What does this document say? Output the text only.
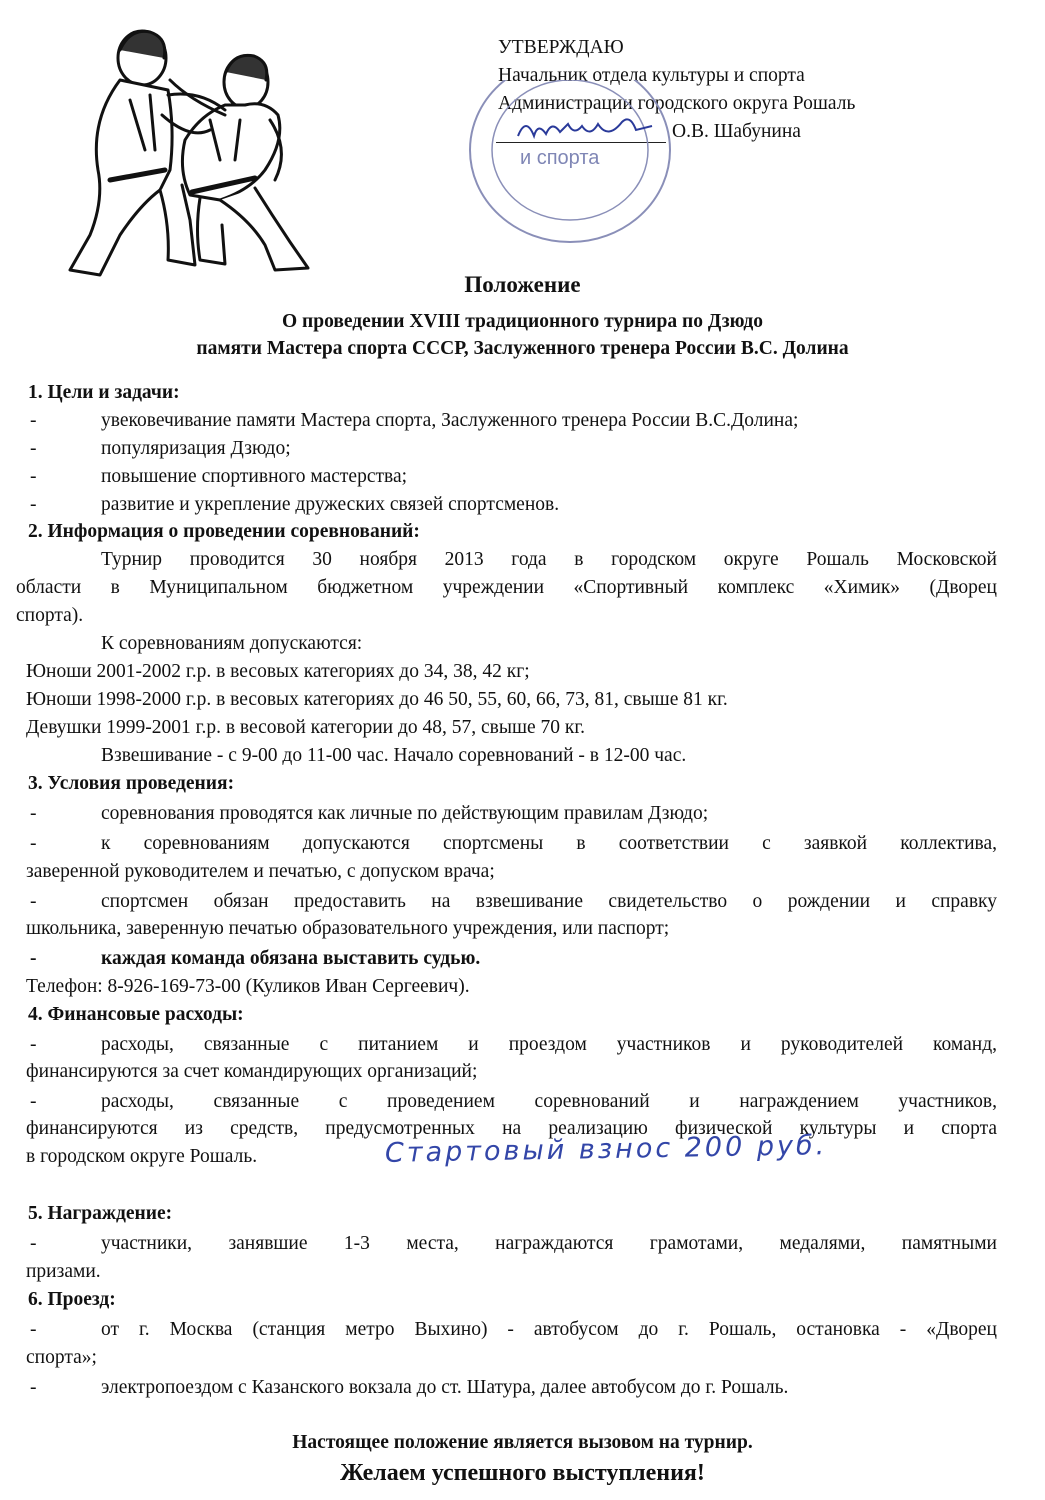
УТВЕРЖДАЮ
Начальник отдела культуры и спорта
Администрации городского округа Рошаль
О.В. Шабунина
и спорта
Положение
О проведении XVIII традиционного турнира по Дзюдо
памяти Мастера спорта СССР, Заслуженного тренера России В.С. Долина
1. Цели и задачи:
-	увековечивание памяти Мастера спорта, Заслуженного тренера России В.С.Долина;
-	популяризация Дзюдо;
-	повышение спортивного мастерства;
-	развитие и укрепление дружеских связей спортсменов.
2. Информация о проведении соревнований:
Турнир проводится 30 ноября 2013 года в городском округе Рошаль Московской
области в Муниципальном бюджетном учреждении «Спортивный комплекс «Химик» (Дворец
спорта).
К соревнованиям допускаются:
Юноши 2001-2002 г.р. в весовых категориях до 34, 38, 42 кг;
Юноши 1998-2000 г.р. в весовых категориях до 46 50, 55, 60, 66, 73, 81, свыше 81 кг.
Девушки 1999-2001 г.р. в весовой категории до 48, 57, свыше 70 кг.
Взвешивание - с 9-00 до 11-00 час. Начало соревнований - в 12-00 час.
3. Условия проведения:
-	соревнования проводятся как личные по действующим правилам Дзюдо;
-	к соревнованиям допускаются спортсмены в соответствии с заявкой коллектива,
заверенной руководителем и печатью, с допуском врача;
-	спортсмен обязан предоставить на взвешивание свидетельство о рождении и справку
школьника, заверенную печатью образовательного учреждения, или паспорт;
-	каждая команда обязана выставить судью.
Телефон: 8-926-169-73-00 (Куликов Иван Сергеевич).
4. Финансовые расходы:
-	расходы, связанные с питанием и проездом участников и руководителей команд,
финансируются за счет командирующих организаций;
-	расходы, связанные с проведением соревнований и награждением участников,
финансируются из средств, предусмотренных на реализацию физической культуры и спорта
в городском округе Рошаль.	Стартовый взнос 200 руб.
5. Награждение:
-	участники, занявшие 1-3 места, награждаются грамотами, медалями, памятными
призами.
6. Проезд:
-	от г. Москва (станция метро Выхино) - автобусом до г. Рошаль, остановка - «Дворец
спорта»;
-	электропоездом с Казанского вокзала до ст. Шатура, далее автобусом до г. Рошаль.
Настоящее положение является вызовом на турнир.
Желаем успешного выступления!
